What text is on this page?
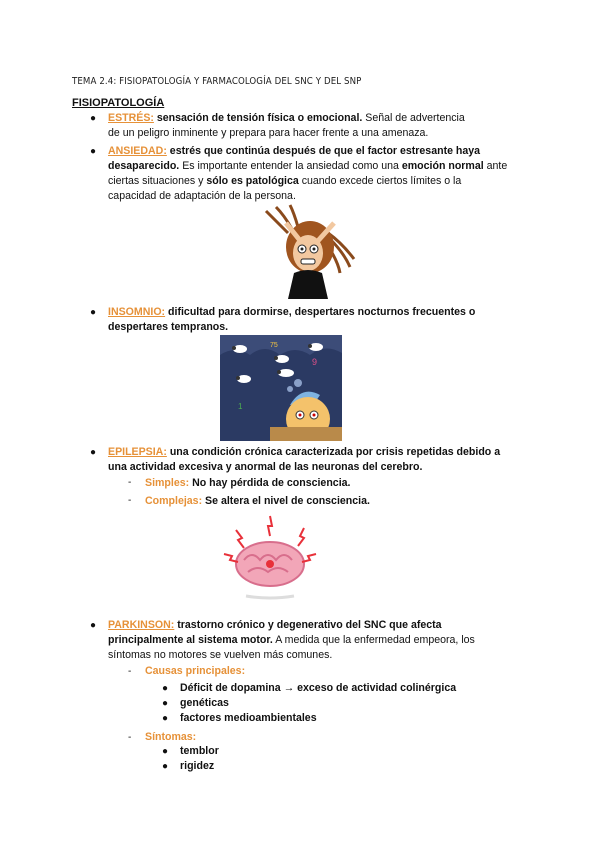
TEMA 2.4: FISIOPATOLOGÍA Y FARMACOLOGÍA DEL SNC Y DEL SNP
FISIOPATOLOGÍA
● ESTRÉS: sensación de tensión física o emocional. Señal de advertencia
de un peligro inminente y prepara para hacer frente a una amenaza.
● ANSIEDAD: estrés que continúa después de que el factor estresante haya
desaparecido. Es importante entender la ansiedad como una emoción normal ante
ciertas situaciones y sólo es patológica cuando excede ciertos límites o la
capacidad de adaptación de la persona.
● INSOMNIO: dificultad para dormirse, despertares nocturnos frecuentes o
despertares tempranos.
75
9
1
● EPILEPSIA: una condición crónica caracterizada por crisis repetidas debido a
una actividad excesiva y anormal de las neuronas del cerebro.
- Simples: No hay pérdida de consciencia.
- Complejas: Se altera el nivel de consciencia.
● PARKINSON: trastorno crónico y degenerativo del SNC que afecta
principalmente al sistema motor. A medida que la enfermedad empeora, los
síntomas no motores se vuelven más comunes.
- Causas principales:
● Déficit de dopamina → exceso de actividad colinérgica
● genéticas
● factores medioambientales
- Síntomas:
● temblor
● rigidez
